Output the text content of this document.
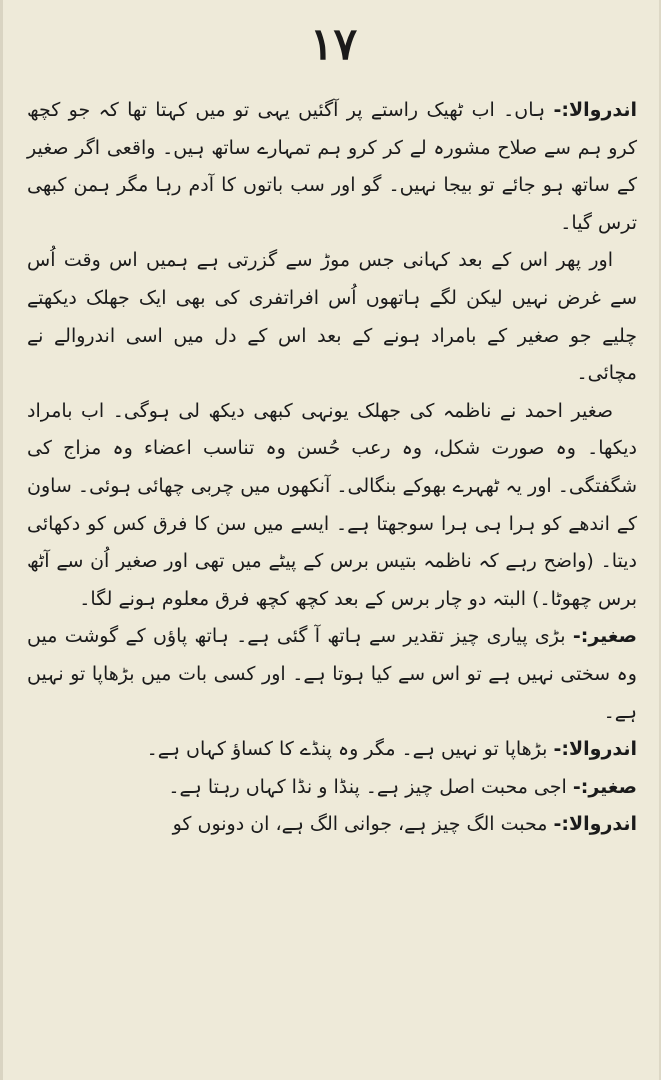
۱۷

اندروالا:- ہاں۔ اب ٹھیک راستے پر آگئیں یہی تو میں کہتا تھا کہ جو کچھ کرو ہم سے صلاح مشورہ لے کر کرو ہم تمہارے ساتھ ہیں۔ واقعی اگر صغیر کے ساتھ ہو جائے تو بیجا نہیں۔ گو اور سب باتوں کا آدم رہا مگر ہمن کبھی ترس گیا۔

اور پھر اس کے بعد کہانی جس موڑ سے گزرتی ہے ہمیں اس وقت اُس سے غرض نہیں لیکن لگے ہاتھوں اُس افراتفری کی بھی ایک جھلک دیکھتے چلیے جو صغیر کے بامراد ہونے کے بعد اس کے دل میں اسی اندروالے نے مچائی۔

صغیر احمد نے ناظمہ کی جھلک یونہی کبھی دیکھ لی ہوگی۔ اب بامراد دیکھا۔ وہ صورت شکل، وہ رعب حُسن وہ تناسب اعضاء وہ مزاج کی شگفتگی۔ اور یہ ٹھہرے بھوکے بنگالی۔ آنکھوں میں چربی چھائی ہوئی۔ ساون کے اندھے کو ہرا ہی ہرا سوجھتا ہے۔ ایسے میں سن کا فرق کس کو دکھائی دیتا۔ (واضح رہے کہ ناظمہ بتیس برس کے پیٹے میں تھی اور صغیر اُن سے آٹھ برس چھوٹا۔) البتہ دو چار برس کے بعد کچھ کچھ فرق معلوم ہونے لگا۔

صغیر:- بڑی پیاری چیز تقدیر سے ہاتھ آ گئی ہے۔ ہاتھ پاؤں کے گوشت میں وہ سختی نہیں ہے تو اس سے کیا ہوتا ہے۔ اور کسی بات میں بڑھاپا تو نہیں ہے۔

اندروالا:- بڑھاپا تو نہیں ہے۔ مگر وہ پنڈے کا کساؤ کہاں ہے۔

صغیر:- اجی محبت اصل چیز ہے۔ پنڈا و نڈا کہاں رہتا ہے۔

اندروالا:- محبت الگ چیز ہے، جوانی الگ ہے، ان دونوں کو
